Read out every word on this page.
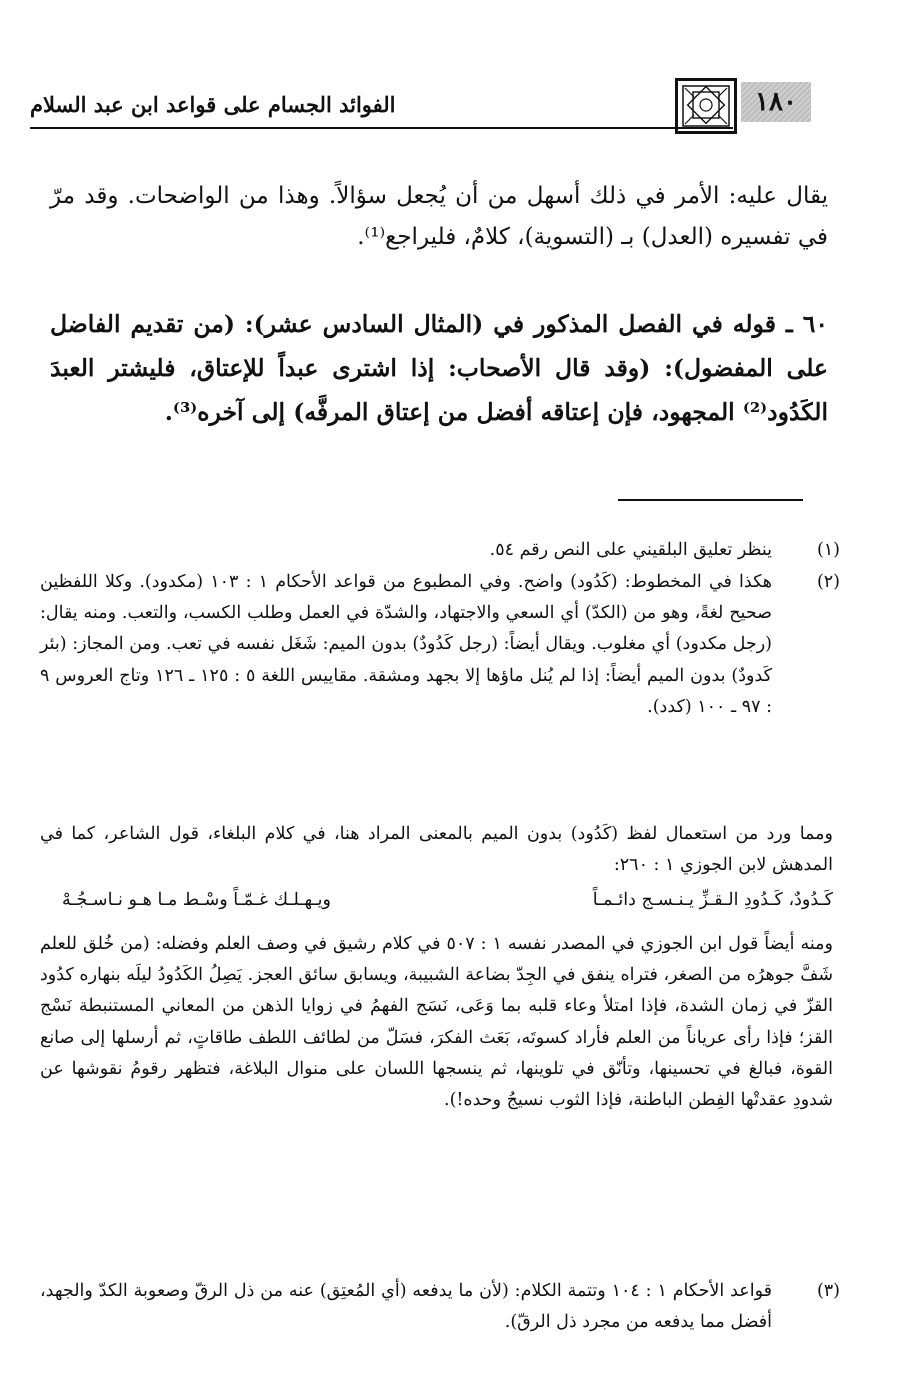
١٨٠
الفوائد الجسام على قواعد ابن عبد السلام
يقال عليه: الأمر في ذلك أسهل من أن يُجعل سؤالاً. وهذا من الواضحات. وقد مرّ في تفسيره (العدل) بـ (التسوية)، كلامٌ، فليراجع⁽¹⁾.
٦٠ ـ قوله في الفصل المذكور في (المثال السادس عشر): (من تقديم الفاضل على المفضول): (وقد قال الأصحاب: إذا اشترى عبداً للإعتاق، فليشتر العبدَ الكَدُود⁽²⁾ المجهود، فإن إعتاقه أفضل من إعتاق المرفَّه) إلى آخره⁽³⁾.
(١)
ينظر تعليق البلقيني على النص رقم ٥٤.
(٢)
هكذا في المخطوط: (كَدُود) واضح. وفي المطبوع من قواعد الأحكام ١ : ١٠٣ (مكدود). وكلا اللفظين صحيح لغةً، وهو من (الكدّ) أي السعي والاجتهاد، والشدّة في العمل وطلب الكسب، والتعب. ومنه يقال: (رجل مكدود) أي مغلوب. ويقال أيضاً: (رجل كَدُودٌ) بدون الميم: شَغَل نفسه في تعب. ومن المجاز: (بئر كَدودٌ) بدون الميم أيضاً: إذا لم يُنل ماؤها إلا بجهد ومشقة. مقاييس اللغة ٥ : ١٢٥ ـ ١٢٦ وتاج العروس ٩ : ٩٧ ـ ١٠٠ (كدد).
ومما ورد من استعمال لفظ (كَدُود) بدون الميم بالمعنى المراد هنا، في كلام البلغاء، قول الشاعر، كما في المدهش لابن الجوزي ١ : ٢٦٠:
كَـدُودٌ، كَـدُودِ الـقـزِّ يـنـسـج دائـمـاً
ويـهـلـك غـمّـاً وسْـط مـا هـو نـاسـجُـهْ
ومنه أيضاً قول ابن الجوزي في المصدر نفسه ١ : ٥٠٧ في كلام رشيق في وصف العلم وفضله: (من خُلق للعلم شَفَّ جوهرُه من الصغر، فتراه ينفق في الجِدّ بضاعة الشبيبة، ويسابق سائق العجز. يَصِلُ الكَدُودُ ليلَه بنهاره كدُود القزّ في زمان الشدة، فإذا امتلأ وعاء قلبه بما وَعَى، نَسَج الفهمُ في زوايا الذهن من المعاني المستنبطة نَسْج القز؛ فإذا رأى عرياناً من العلم فأراد كسوتَه، بَعَث الفكرَ، فسَلّ من لطائف اللطف طاقاتٍ، ثم أرسلها إلى صانع القوة، فبالغ في تحسينها، وتأنّق في تلوينها، ثم ينسجها اللسان على منوال البلاغة، فتظهر رقومُ نقوشها عن شدودِ عقدتْها الفِطن الباطنة، فإذا الثوب نسيجُ وحده!).
(٣)
قواعد الأحكام ١ : ١٠٤ وتتمة الكلام: (لأن ما يدفعه (أي المُعتِق) عنه من ذل الرقّ وصعوبة الكدّ والجهد، أفضل مما يدفعه من مجرد ذل الرقّ).
